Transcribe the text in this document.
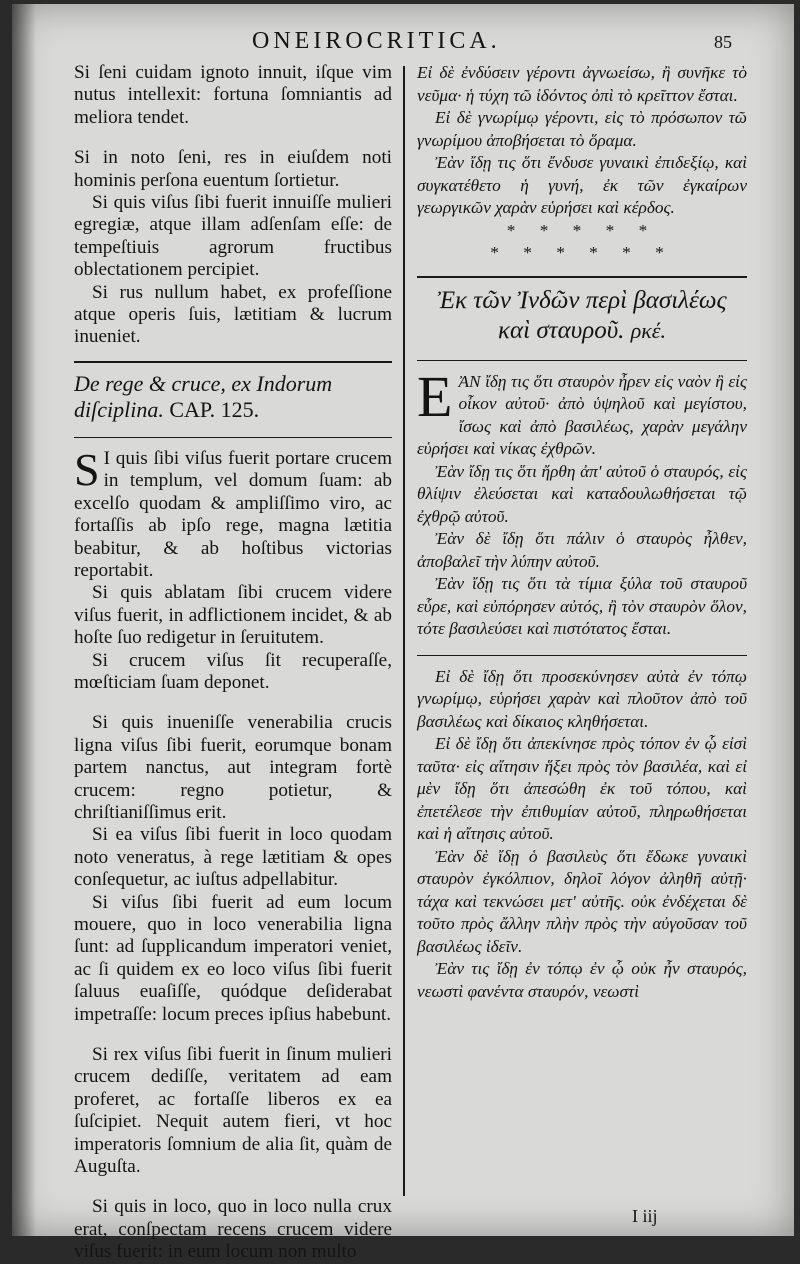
ONEIROCRITICA.	85

Si ſeni cuidam ignoto innuit, iſque vim nutus intellexit: fortuna ſomniantis ad meliora tendet.

Si in noto ſeni, res in eiuſdem noti hominis perſona euentum ſortietur.

Si quis viſus ſibi fuerit innuiſſe mulieri egregiæ, atque illam adſenſam eſſe: de tempeſtiuis agrorum fructibus oblectationem percipiet.

Si rus nullum habet, ex profeſſione atque operis ſuis, lætitiam & lucrum inueniet.

De rege & cruce, ex Indorum diſciplina. CAP. 125.

S I quis ſibi viſus fuerit portare crucem in templum, vel domum ſuam: ab excelſo quodam & ampliſſimo viro, ac fortaſſis ab ipſo rege, magna lætitia beabitur, & ab hoſtibus victorias reportabit.

Si quis ablatam ſibi crucem videre viſus fuerit, in adflictionem incidet, & ab hoſte ſuo redigetur in ſeruitutem.

Si crucem viſus ſit recuperaſſe, mœſticiam ſuam deponet.

Si quis inueniſſe venerabilia crucis ligna viſus ſibi fuerit, eorumque bonam partem nanctus, aut integram fortè crucem: regno potietur, & chriſtianiſſimus erit.

Si ea viſus ſibi fuerit in loco quodam noto veneratus, à rege lætitiam & opes conſequetur, ac iuſtus adpellabitur.

Si viſus ſibi fuerit ad eum locum mouere, quo in loco venerabilia ligna ſunt: ad ſupplicandum imperatori veniet, ac ſi quidem ex eo loco viſus ſibi fuerit ſaluus euaſiſſe, quódque deſiderabat impetraſſe: locum preces ipſius habebunt.

Si rex viſus ſibi fuerit in ſinum mulieri crucem dediſſe, veritatem ad eam proferet, ac fortaſſe liberos ex ea ſuſcipiet. Nequit autem fieri, vt hoc imperatoris ſomnium de alia ſit, quàm de Auguſta.

Si quis in loco, quo in loco nulla crux erat, conſpectam recens crucem videre viſus fuerit: in eum locum non multo

Εἰ δὲ ἐνδύσειν γέροντι ἀγνωείσω, ἢ συνῆκε τὸ νεῦμα· ἡ τύχη τῶ ἰδόντος ὀπὶ τὸ κρεῖττον ἔσται.

Εἰ δὲ γνωρίμῳ γέροντι, εἰς τὸ πρόσωπον τῶ γνωρίμου ἀποβήσεται τὸ ὅραμα.

Ἐὰν ἴδῃ τις ὅτι ἔνδυσε γυναικὶ ἐπιδεξίῳ, καὶ συγκατέθετο ἡ γυνή, ἐκ τῶν ἐγκαίρων γεωργικῶν χαρὰν εὑρήσει καὶ κέρδος.

* * * * *
* * * * * *
Ἐκ τῶν Ἰνδῶν περὶ βασιλέως
καὶ σταυροῦ. ρκέ.

EἈΝ ἴδῃ τις ὅτι σταυρὸν ἦρεν εἰς ναὸν ἢ εἰς οἶκον αὐτοῦ· ἀπὸ ὑψηλοῦ καὶ μεγίστου, ἴσως καὶ ἀπὸ βασιλέως, χαρὰν μεγάλην εὑρήσει καὶ νίκας ἐχθρῶν.

Ἐὰν ἴδῃ τις ὅτι ἤρθη ἀπ' αὐτοῦ ὁ σταυρός, εἰς θλίψιν ἐλεύσεται καὶ καταδουλωθήσεται τῷ ἐχθρῷ αὐτοῦ.

Ἐὰν δὲ ἴδῃ ὅτι πάλιν ὁ σταυρὸς ἦλθεν, ἀποβαλεῖ τὴν λύπην αὐτοῦ.

Ἐὰν ἴδῃ τις ὅτι τὰ τίμια ξύλα τοῦ σταυροῦ εὗρε, καὶ εὐπόρησεν αὐτός, ἢ τὸν σταυρὸν ὅλον, τότε βασιλεύσει καὶ πιστότατος ἔσται.

Εἰ δὲ ἴδῃ ὅτι προσεκύνησεν αὐτὰ ἐν τόπῳ γνωρίμῳ, εὑρήσει χαρὰν καὶ πλοῦτον ἀπὸ τοῦ βασιλέως καὶ δίκαιος κληθήσεται.

Εἰ δὲ ἴδῃ ὅτι ἀπεκίνησε πρὸς τόπον ἐν ᾧ εἰσὶ ταῦτα· εἰς αἴτησιν ἥξει πρὸς τὸν βασιλέα, καὶ εἰ μὲν ἴδῃ ὅτι ἀπεσώθη ἐκ τοῦ τόπου, καὶ ἐπετέλεσε τὴν ἐπιθυμίαν αὐτοῦ, πληρωθήσεται καὶ ἡ αἴτησις αὐτοῦ.

Ἐὰν δὲ ἴδῃ ὁ βασιλεὺς ὅτι ἔδωκε γυναικὶ σταυρὸν ἐγκόλπιον, δηλοῖ λόγον ἀληθῆ αὐτῇ· τάχα καὶ τεκνώσει μετ' αὐτῆς. οὐκ ἐνδέχεται δὲ τοῦτο πρὸς ἄλλην πλὴν πρὸς τὴν αὐγοῦσαν τοῦ βασιλέως ἰδεῖν.

Ἐὰν τις ἴδῃ ἐν τόπῳ ἐν ᾧ οὐκ ἦν σταυρός, νεωστὶ φανέντα σταυρόν, νεωστὶ

I iij
